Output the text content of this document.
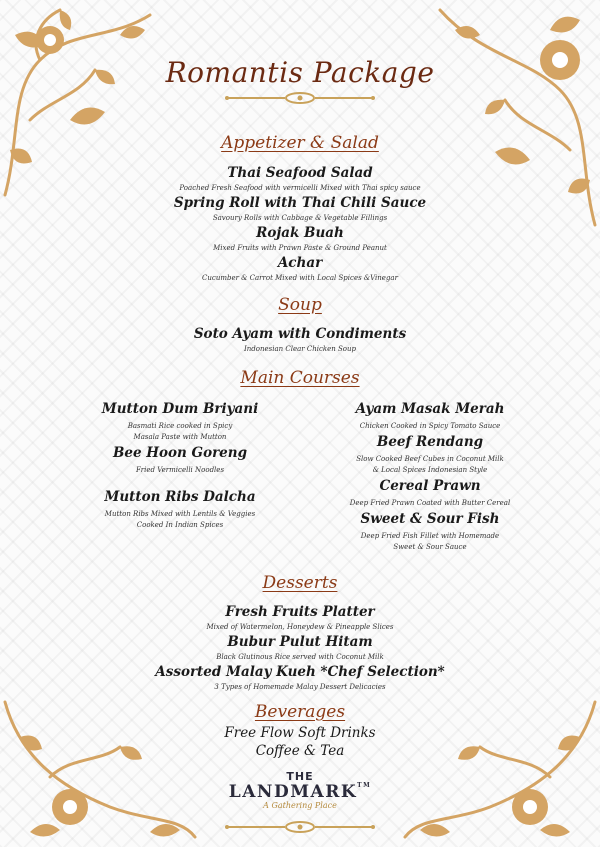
Romantis Package
Appetizer & Salad
Thai Seafood Salad
Poached Fresh Seafood with vermicelli Mixed with Thai spicy sauce
Spring Roll with Thai Chili Sauce
Savoury Rolls with Cabbage & Vegetable Fillings
Rojak Buah
Mixed Fruits with Prawn Paste & Ground Peanut
Achar
Cucumber & Carrot Mixed with Local Spices &Vinegar
Soup
Soto Ayam with Condiments
Indonesian Clear Chicken Soup
Main Courses
Mutton Dum Briyani
Basmati Rice cooked in Spicy
Masala Paste with Mutton
Bee Hoon Goreng
Fried Vermicelli Noodles
Mutton Ribs Dalcha
Mutton Ribs Mixed with Lentils & Veggies
Cooked In Indian Spices
Ayam Masak Merah
Chicken Cooked in Spicy Tomato Sauce
Beef Rendang
Slow Cooked Beef Cubes in Coconut Milk
& Local Spices Indonesian Style
Cereal Prawn
Deep Fried Prawn Coated with Butter Cereal
Sweet & Sour Fish
Deep Fried Fish Fillet with Homemade
Sweet & Sour Sauce
Desserts
Fresh Fruits Platter
Mixed of Watermelon, Honeydew & Pineapple Slices
Bubur Pulut Hitam
Black Glutinous Rice served with Coconut Milk
Assorted Malay Kueh *Chef Selection*
3 Types of Homemade Malay Dessert Delicacies
Beverages
Free Flow Soft Drinks
Coffee & Tea
THE
LANDMARK™
A Gathering Place
